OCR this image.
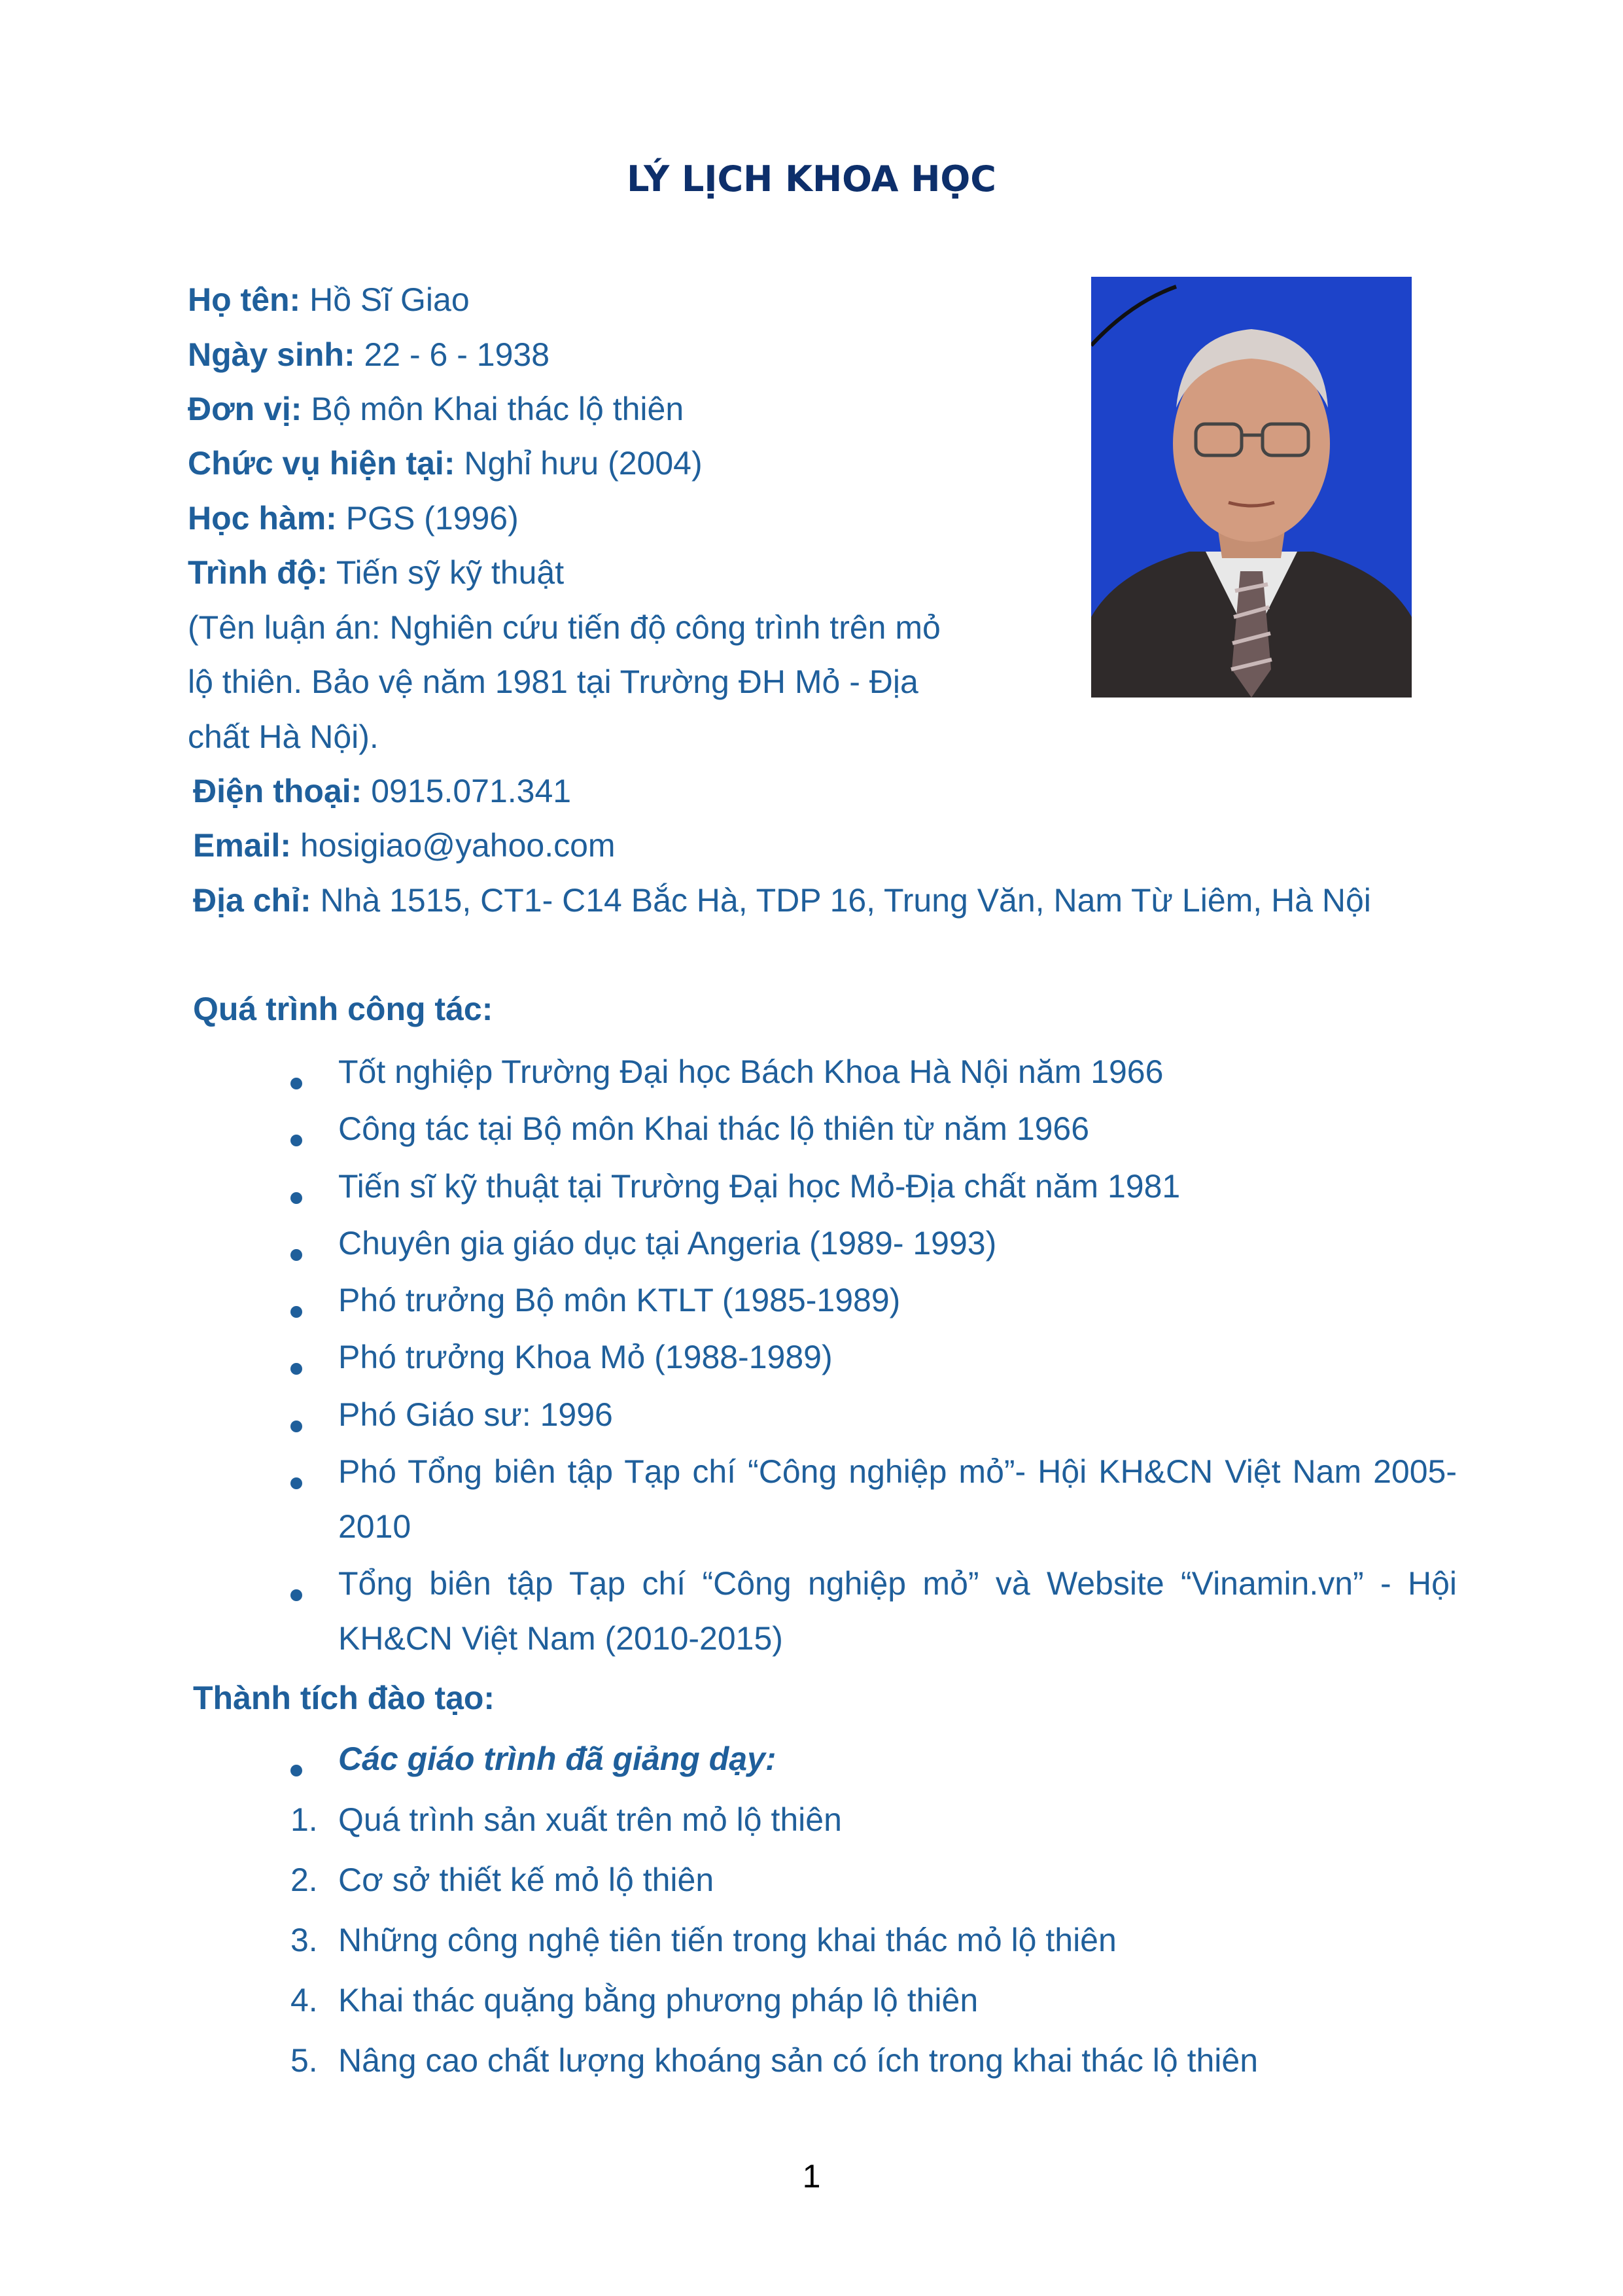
LÝ LỊCH KHOA HỌC
Họ tên: Hồ Sĩ Giao
Ngày sinh: 22 - 6 - 1938
Đơn vị: Bộ môn Khai thác lộ thiên
Chức vụ hiện tại: Nghỉ hưu (2004)
Học hàm: PGS (1996)
Trình độ: Tiến sỹ kỹ thuật
(Tên luận án: Nghiên cứu tiến độ công trình trên mỏ
lộ thiên. Bảo vệ năm 1981 tại Trường ĐH Mỏ - Địa
chất Hà Nội).
Điện thoại: 0915.071.341
Email: hosigiao@yahoo.com
Địa chỉ: Nhà 1515, CT1- C14 Bắc Hà, TDP 16, Trung Văn, Nam Từ Liêm, Hà Nội
Quá trình công tác:
Tốt nghiệp Trường Đại học Bách Khoa Hà Nội năm 1966
Công tác tại Bộ môn Khai thác lộ thiên từ năm 1966
Tiến sĩ kỹ thuật tại Trường Đại học Mỏ-Địa chất năm 1981
Chuyên gia giáo dục tại Angeria (1989- 1993)
Phó trưởng Bộ môn KTLT (1985-1989)
Phó trưởng Khoa Mỏ (1988-1989)
Phó Giáo sư: 1996
Phó Tổng biên tập Tạp chí “Công nghiệp mỏ”- Hội KH&CN Việt Nam 2005-
2010
Tổng biên tập Tạp chí “Công nghiệp mỏ” và Website “Vinamin.vn” - Hội
KH&CN Việt Nam (2010-2015)
Thành tích đào tạo:
Các giáo trình đã giảng dạy:
1. Quá trình sản xuất trên mỏ lộ thiên
2. Cơ sở thiết kế mỏ lộ thiên
3. Những công nghệ tiên tiến trong khai thác mỏ lộ thiên
4. Khai thác quặng bằng phương pháp lộ thiên
5. Nâng cao chất lượng khoáng sản có ích trong khai thác lộ thiên
1
